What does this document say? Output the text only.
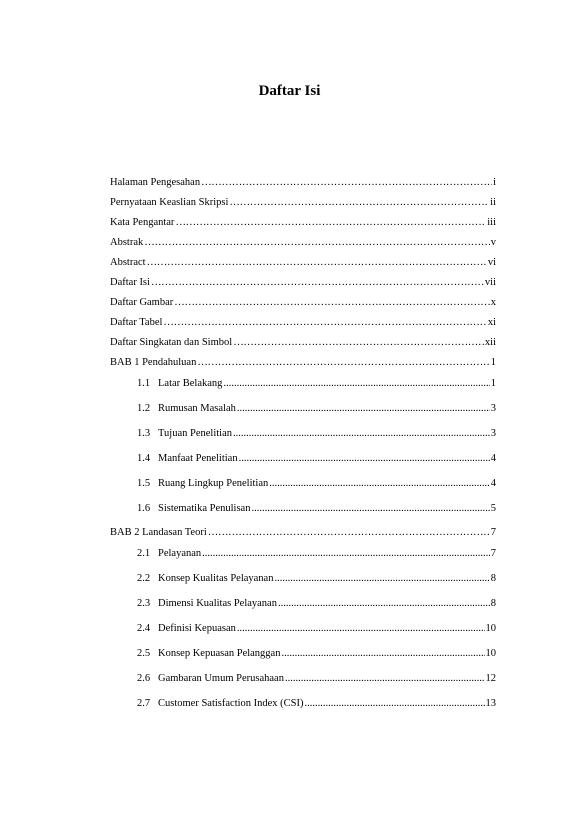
Daftar Isi
Halaman Pengesahan ………………………………………………………………………………………………………………………………………………………………	i
Pernyataan Keaslian Skripsi ………………………………………………………………………………………………………………………………………………………………	ii
Kata Pengantar ………………………………………………………………………………………………………………………………………………………………	iii
Abstrak ………………………………………………………………………………………………………………………………………………………………	v
Abstract ………………………………………………………………………………………………………………………………………………………………	vi
Daftar Isi ………………………………………………………………………………………………………………………………………………………………	vii
Daftar Gambar ………………………………………………………………………………………………………………………………………………………………	x
Daftar Tabel ………………………………………………………………………………………………………………………………………………………………	xi
Daftar Singkatan dan Simbol ………………………………………………………………………………………………………………………………………………………………	xii
BAB 1 Pendahuluan ………………………………………………………………………………………………………………………………………………………………	1
1.1 Latar Belakang .....	1
1.2 Rumusan Masalah .....	3
1.3 Tujuan Penelitian .....	3
1.4 Manfaat Penelitian .....	4
1.5 Ruang Lingkup Penelitian .....	4
1.6 Sistematika Penulisan .....	5
BAB 2 Landasan Teori ………………………………………………………………………………………………………………………………………………………………	7
2.1 Pelayanan .....	7
2.2 Konsep Kualitas Pelayanan .....	8
2.3 Dimensi Kualitas Pelayanan .....	8
2.4 Definisi Kepuasan .....	10
2.5 Konsep Kepuasan Pelanggan .....	10
2.6 Gambaran Umum Perusahaan .....	12
2.7 Customer Satisfaction Index (CSI) .....	13
